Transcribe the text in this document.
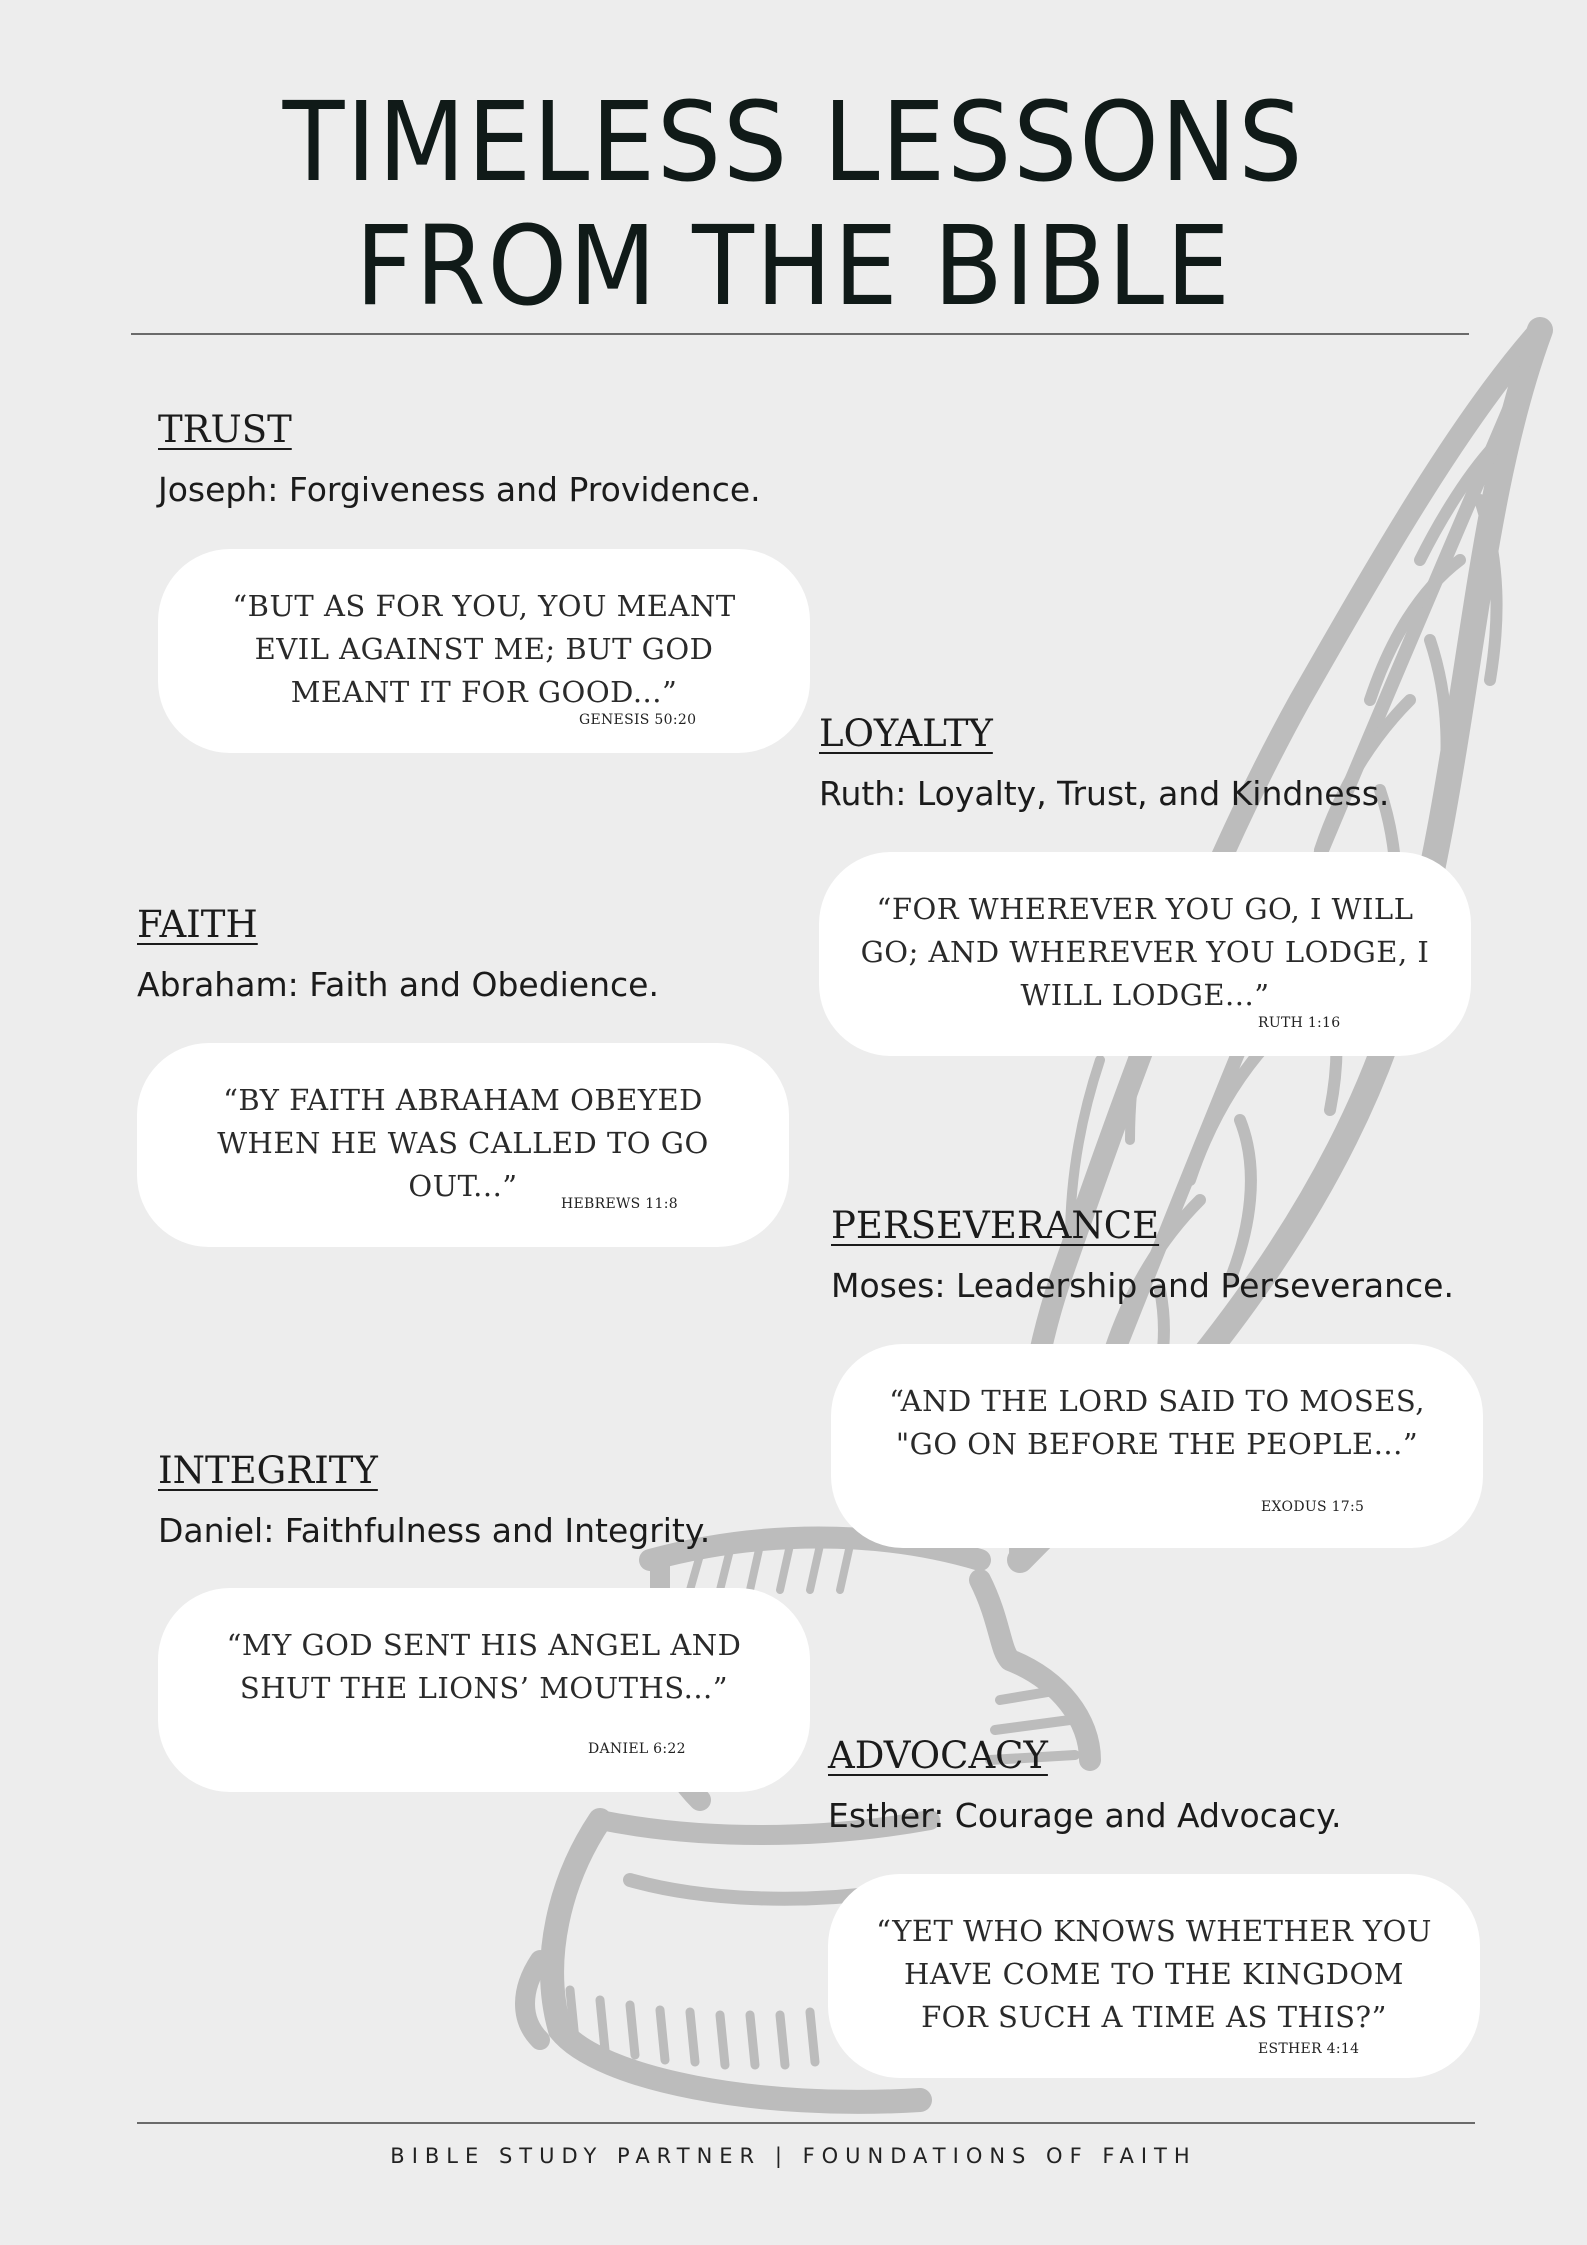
TIMELESS LESSONS
FROM THE BIBLE
TRUST
Joseph: Forgiveness and Providence.
“BUT AS FOR YOU, YOU MEANT EVIL AGAINST ME; BUT GOD MEANT IT FOR GOOD...”
GENESIS 50:20	LOYALTY
Ruth: Loyalty, Trust, and Kindness.
“FOR WHEREVER YOU GO, I WILL GO; AND WHEREVER YOU LODGE, I WILL LODGE...”
RUTH 1:16
FAITH
Abraham: Faith and Obedience.
“BY FAITH ABRAHAM OBEYED WHEN HE WAS CALLED TO GO OUT...”
HEBREWS 11:8	PERSEVERANCE
Moses: Leadership and Perseverance.
“AND THE LORD SAID TO MOSES, "GO ON BEFORE THE PEOPLE...”
EXODUS 17:5
INTEGRITY
Daniel: Faithfulness and Integrity.
“MY GOD SENT HIS ANGEL AND SHUT THE LIONS’ MOUTHS...”
DANIEL 6:22	ADVOCACY
Esther: Courage and Advocacy.
“YET WHO KNOWS WHETHER YOU HAVE COME TO THE KINGDOM FOR SUCH A TIME AS THIS?”
ESTHER 4:14
BIBLE STUDY PARTNER | FOUNDATIONS OF FAITH
